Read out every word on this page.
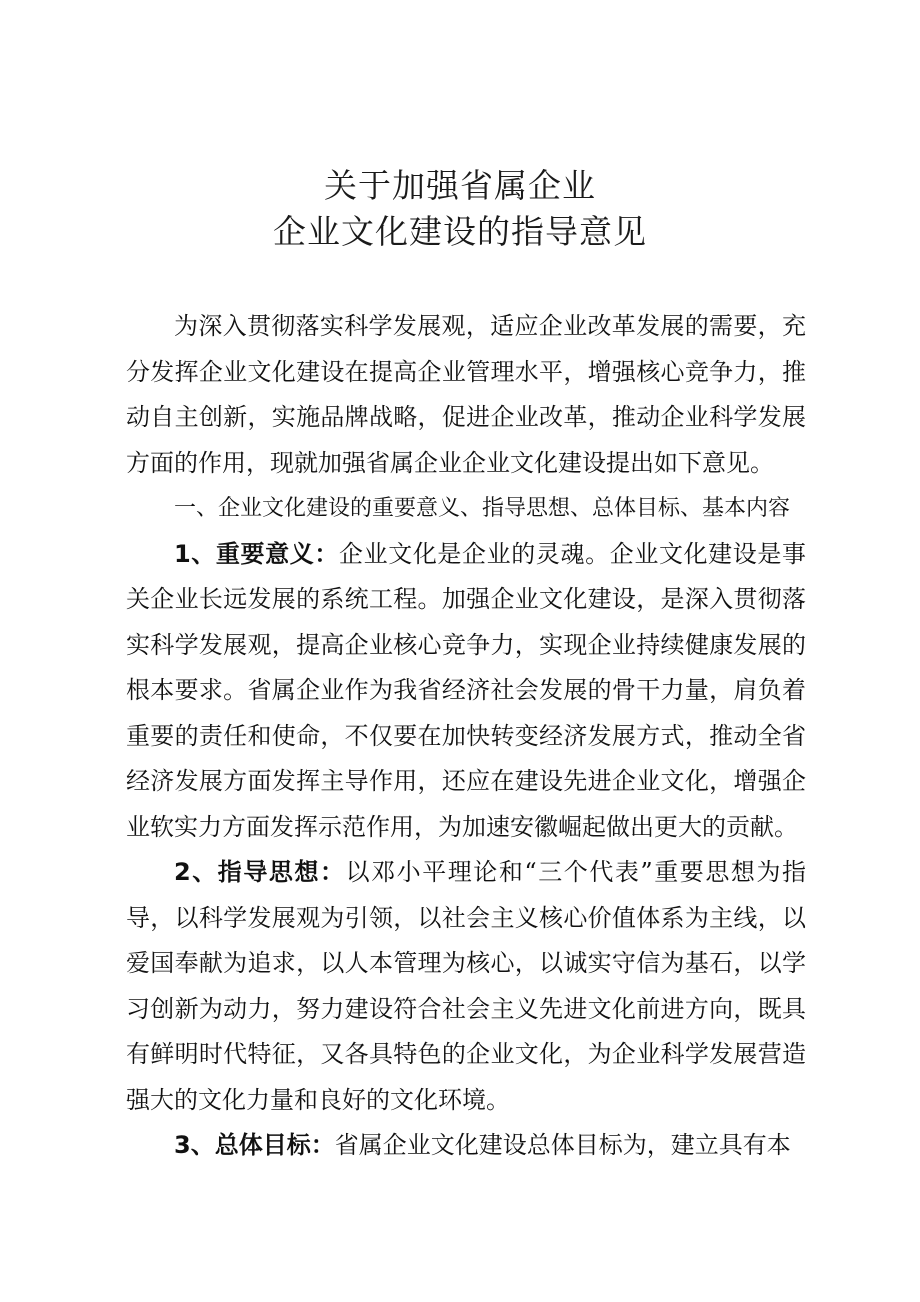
关于加强省属企业
企业文化建设的指导意见

为深入贯彻落实科学发展观，适应企业改革发展的需要，充分发挥企业文化建设在提高企业管理水平，增强核心竞争力，推动自主创新，实施品牌战略，促进企业改革，推动企业科学发展方面的作用，现就加强省属企业企业文化建设提出如下意见。

一、企业文化建设的重要意义、指导思想、总体目标、基本内容

1、重要意义：企业文化是企业的灵魂。企业文化建设是事关企业长远发展的系统工程。加强企业文化建设，是深入贯彻落实科学发展观，提高企业核心竞争力，实现企业持续健康发展的根本要求。省属企业作为我省经济社会发展的骨干力量，肩负着重要的责任和使命，不仅要在加快转变经济发展方式，推动全省经济发展方面发挥主导作用，还应在建设先进企业文化，增强企业软实力方面发挥示范作用，为加速安徽崛起做出更大的贡献。

2、指导思想：以邓小平理论和“三个代表”重要思想为指导，以科学发展观为引领，以社会主义核心价值体系为主线，以爱国奉献为追求，以人本管理为核心，以诚实守信为基石，以学习创新为动力，努力建设符合社会主义先进文化前进方向，既具有鲜明时代特征，又各具特色的企业文化，为企业科学发展营造强大的文化力量和良好的文化环境。

3、总体目标：省属企业文化建设总体目标为，建立具有本
